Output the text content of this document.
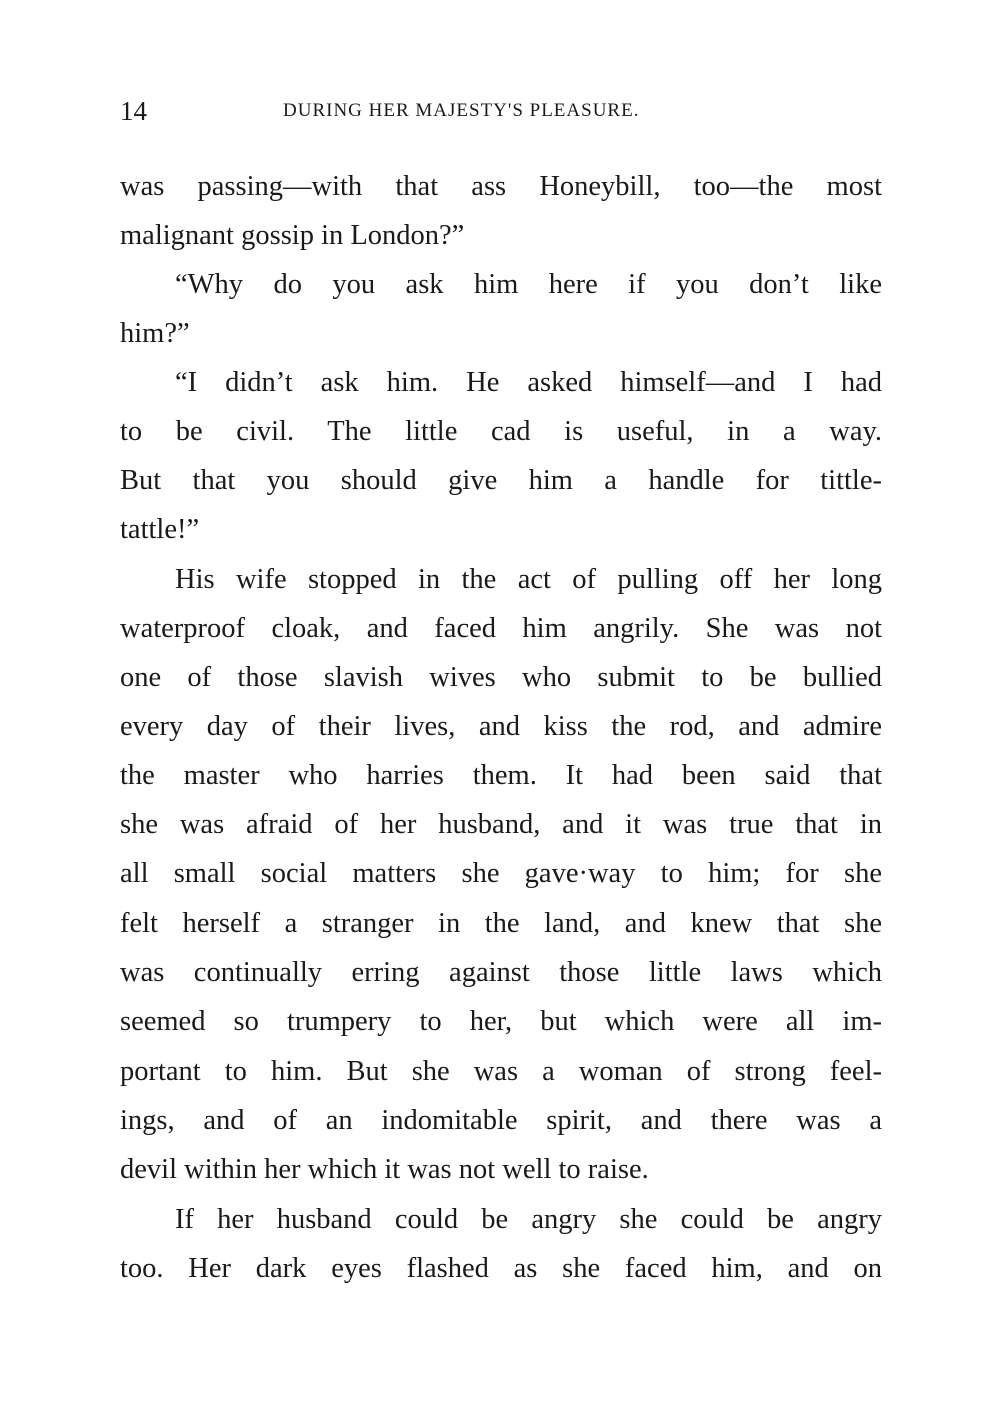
14	DURING HER MAJESTY'S PLEASURE.
was passing—with that ass Honeybill, too—the most
malignant gossip in London?”
“Why do you ask him here if you don’t like
him?”
“I didn’t ask him. He asked himself—and I had
to be civil. The little cad is useful, in a way.
But that you should give him a handle for tittle-
tattle!”
His wife stopped in the act of pulling off her long
waterproof cloak, and faced him angrily. She was not
one of those slavish wives who submit to be bullied
every day of their lives, and kiss the rod, and admire
the master who harries them. It had been said that
she was afraid of her husband, and it was true that in
all small social matters she gave·way to him; for she
felt herself a stranger in the land, and knew that she
was continually erring against those little laws which
seemed so trumpery to her, but which were all im-
portant to him. But she was a woman of strong feel-
ings, and of an indomitable spirit, and there was a
devil within her which it was not well to raise.
If her husband could be angry she could be angry
too. Her dark eyes flashed as she faced him, and on
